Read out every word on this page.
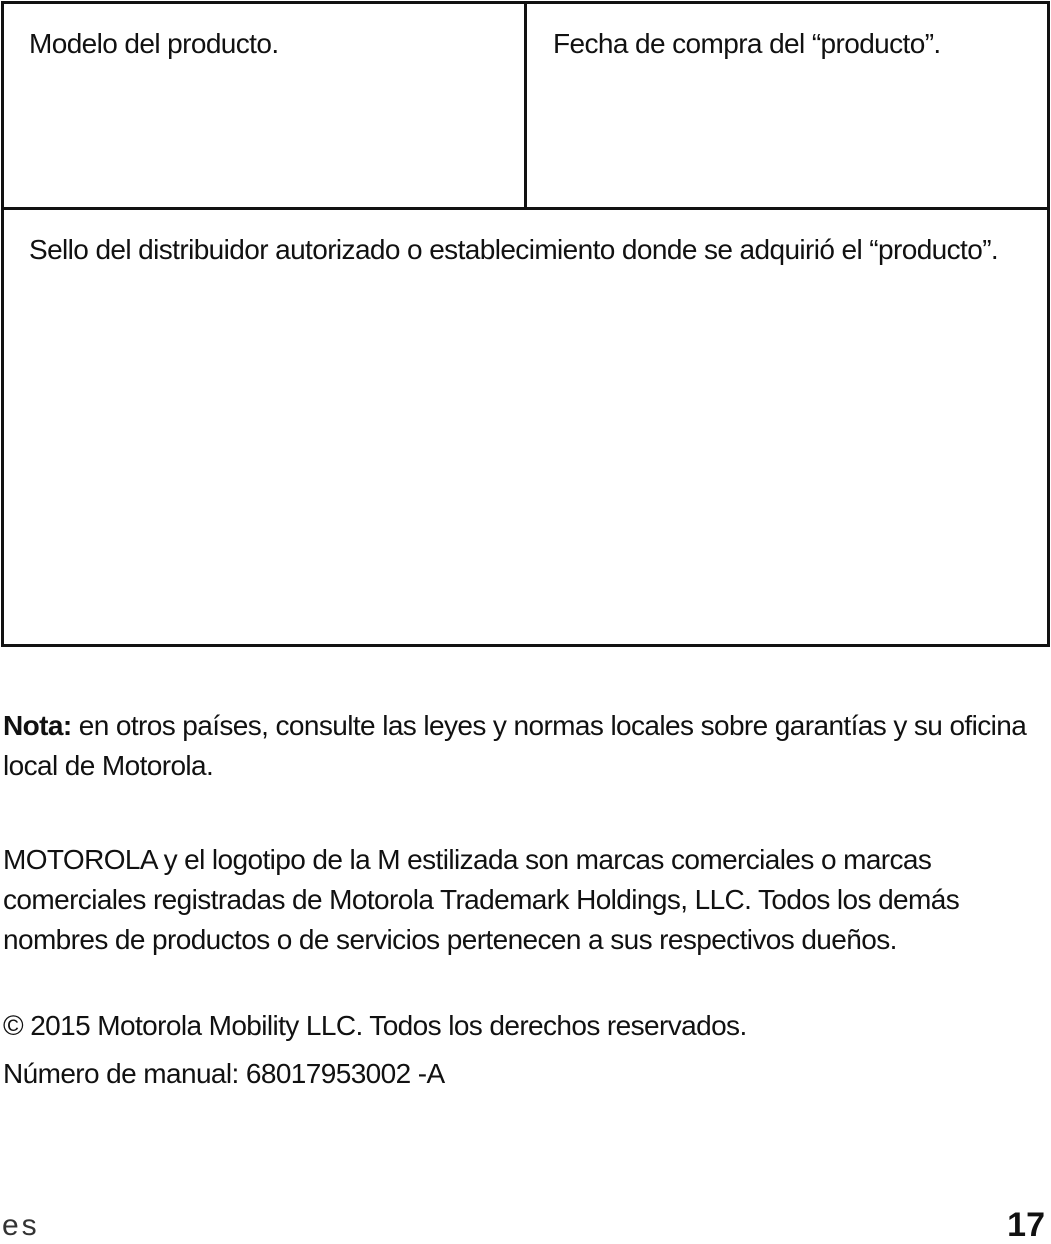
Modelo del producto.	Fecha de compra del “producto”.
Sello del distribuidor autorizado o establecimiento donde se adquirió el “producto”.

Nota: en otros países, consulte las leyes y normas locales sobre garantías y su oficina local de Motorola.

MOTOROLA y el logotipo de la M estilizada son marcas comerciales o marcas comerciales registradas de Motorola Trademark Holdings, LLC. Todos los demás nombres de productos o de servicios pertenecen a sus respectivos dueños.

© 2015 Motorola Mobility LLC. Todos los derechos reservados.

Número de manual: 68017953002 -A

es	17
